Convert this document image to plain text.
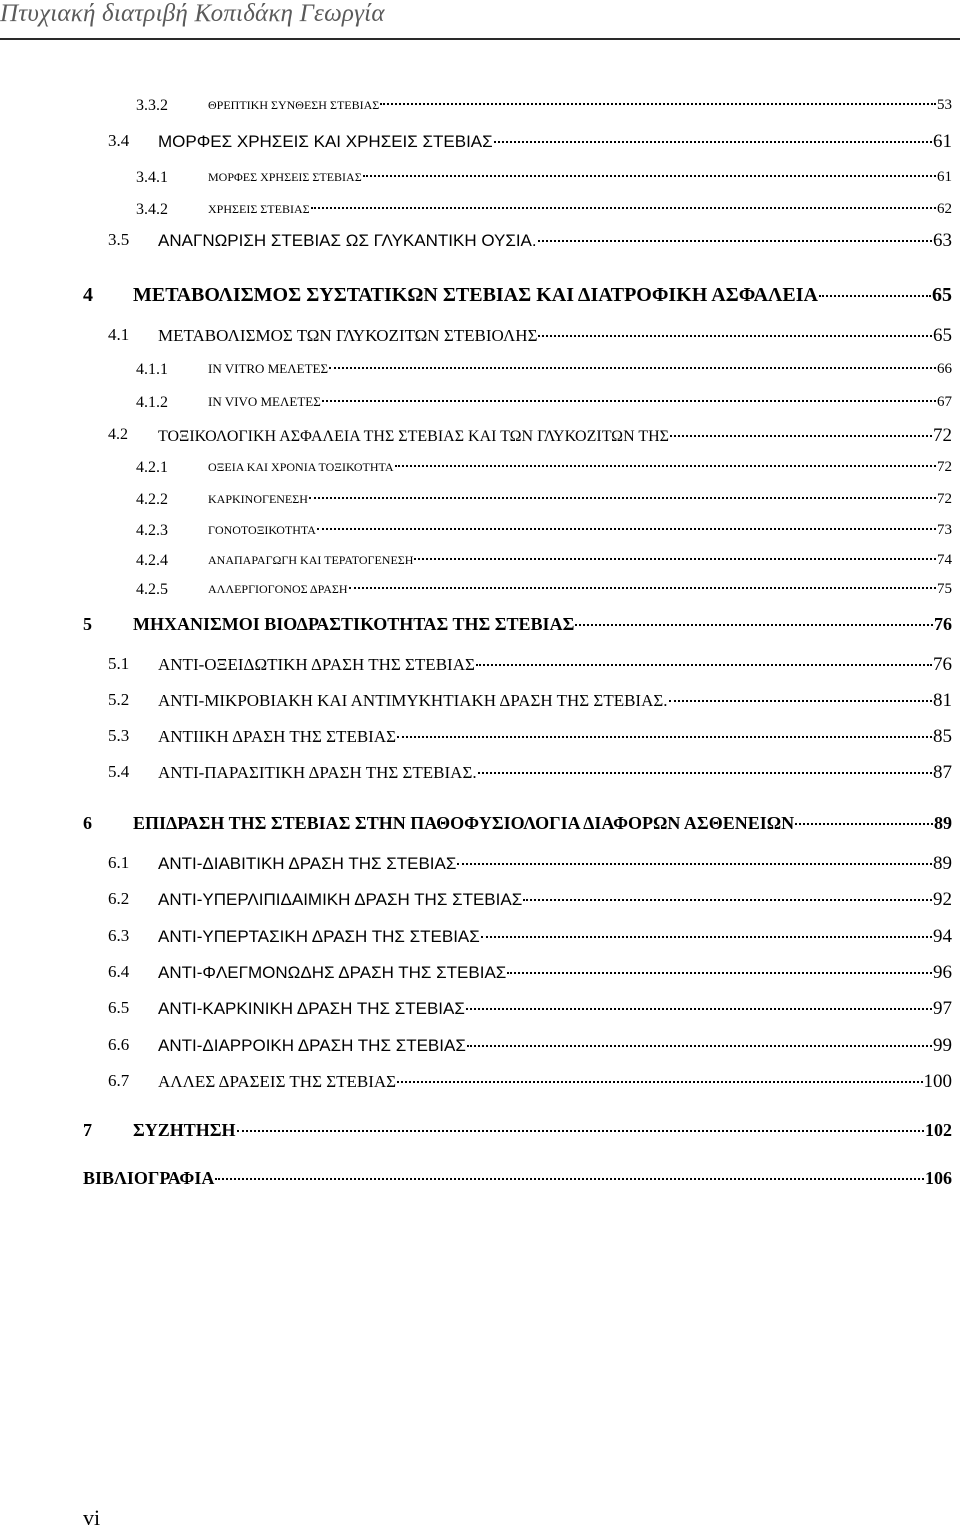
Πτυχιακή διατριβή Κοπιδάκη Γεωργία
3.3.2	ΘΡΕΠΤΙΚΗ ΣΥΝΘΕΣΗ ΣΤΕΒΙΑΣ	53
3.4 ΜΟΡΦΕΣ ΧΡΗΣΕΙΣ ΚΑΙ ΧΡΗΣΕΙΣ ΣΤΕΒΙΑΣ	61
3.4.1	ΜΟΡΦΕΣ ΧΡΗΣΕΙΣ ΣΤΕΒΙΑΣ	61
3.4.2	ΧΡΗΣΕΙΣ ΣΤΕΒΙΑΣ	62
3.5 ΑΝΑΓΝΩΡΙΣΗ ΣΤΕΒΙΑΣ ΩΣ ΓΛΥΚΑΝΤΙΚΗ ΟΥΣΙΑ.	63
4 ΜΕΤΑΒΟΛΙΣΜΟΣ ΣΥΣΤΑΤΙΚΩΝ ΣΤΕΒΙΑΣ ΚΑΙ ΔΙΑΤΡΟΦΙΚΗ ΑΣΦΑΛΕΙΑ	65
4.1 ΜΕΤΑΒΟΛΙΣΜΟΣ ΤΩΝ ΓΛΥΚΟΖΙΤΩΝ ΣΤΕΒΙΟΛΗΣ	65
4.1.1	IN VITRO ΜΕΛΕΤΕΣ	66
4.1.2	IN VIVO ΜΕΛΕΤΕΣ	67
4.2 ΤΟΞΙΚΟΛΟΓΙΚΗ ΑΣΦΑΛΕΙΑ ΤΗΣ ΣΤΕΒΙΑΣ ΚΑΙ ΤΩΝ ΓΛΥΚΟΖΙΤΩΝ ΤΗΣ	72
4.2.1	ΟΞΕΙΑ ΚΑΙ ΧΡΟΝΙΑ ΤΟΞΙΚΟΤΗΤΑ	72
4.2.2	ΚΑΡΚΙΝΟΓΕΝΕΣΗ	72
4.2.3	ΓΟΝΟΤΟΞΙΚΟΤΗΤΑ	73
4.2.4	ΑΝΑΠΑΡΑΓΩΓΗ ΚΑΙ ΤΕΡΑΤΟΓΕΝΕΣΗ	74
4.2.5	ΑΛΛΕΡΓΙΟΓΟΝΟΣ ΔΡΑΣΗ	75
5 ΜΗΧΑΝΙΣΜΟΙ ΒΙΟΔΡΑΣΤΙΚΟΤΗΤΑΣ ΤΗΣ ΣΤΕΒΙΑΣ	76
5.1 ΑΝΤΙ-ΟΞΕΙΔΩΤΙΚΗ ΔΡΑΣΗ ΤΗΣ ΣΤΕΒΙΑΣ	76
5.2 ΑΝΤΙ-ΜΙΚΡΟΒΙΑΚΗ ΚΑΙ ΑΝΤΙΜΥΚΗΤΙΑΚΗ ΔΡΑΣΗ ΤΗΣ ΣΤΕΒΙΑΣ.	81
5.3 ΑΝΤΙΙΚΗ ΔΡΑΣΗ ΤΗΣ ΣΤΕΒΙΑΣ	85
5.4 ΑΝΤΙ-ΠΑΡΑΣΙΤΙΚΗ ΔΡΑΣΗ ΤΗΣ ΣΤΕΒΙΑΣ.	87
6 ΕΠΙΔΡΑΣΗ ΤΗΣ ΣΤΕΒΙΑΣ ΣΤΗΝ ΠΑΘΟΦΥΣΙΟΛΟΓΙΑ ΔΙΑΦΟΡΩΝ ΑΣΘΕΝΕΙΩΝ	89
6.1 ΑΝΤΙ-ΔΙΑΒΙΤΙΚΗ ΔΡΑΣΗ ΤΗΣ ΣΤΕΒΙΑΣ	89
6.2 ΑΝΤΙ-ΥΠΕΡΛΙΠΙΔΑΙΜΙΚΗ ΔΡΑΣΗ ΤΗΣ ΣΤΕΒΙΑΣ	92
6.3 ΑΝΤΙ-ΥΠΕΡΤΑΣΙΚΗ ΔΡΑΣΗ ΤΗΣ ΣΤΕΒΙΑΣ	94
6.4 ΑΝΤΙ-ΦΛΕΓΜΟΝΩΔΗΣ ΔΡΑΣΗ ΤΗΣ ΣΤΕΒΙΑΣ	96
6.5 ΑΝΤΙ-ΚΑΡΚΙΝΙΚΗ ΔΡΑΣΗ ΤΗΣ ΣΤΕΒΙΑΣ	97
6.6 ΑΝΤΙ-ΔΙΑΡΡΟΙΚΗ ΔΡΑΣΗ ΤΗΣ ΣΤΕΒΙΑΣ	99
6.7 ΑΛΛΕΣ ΔΡΑΣΕΙΣ ΤΗΣ ΣΤΕΒΙΑΣ	100
7 ΣΥΖΗΤΗΣΗ	102
ΒΙΒΛΙΟΓΡΑΦΙΑ	106
vi
